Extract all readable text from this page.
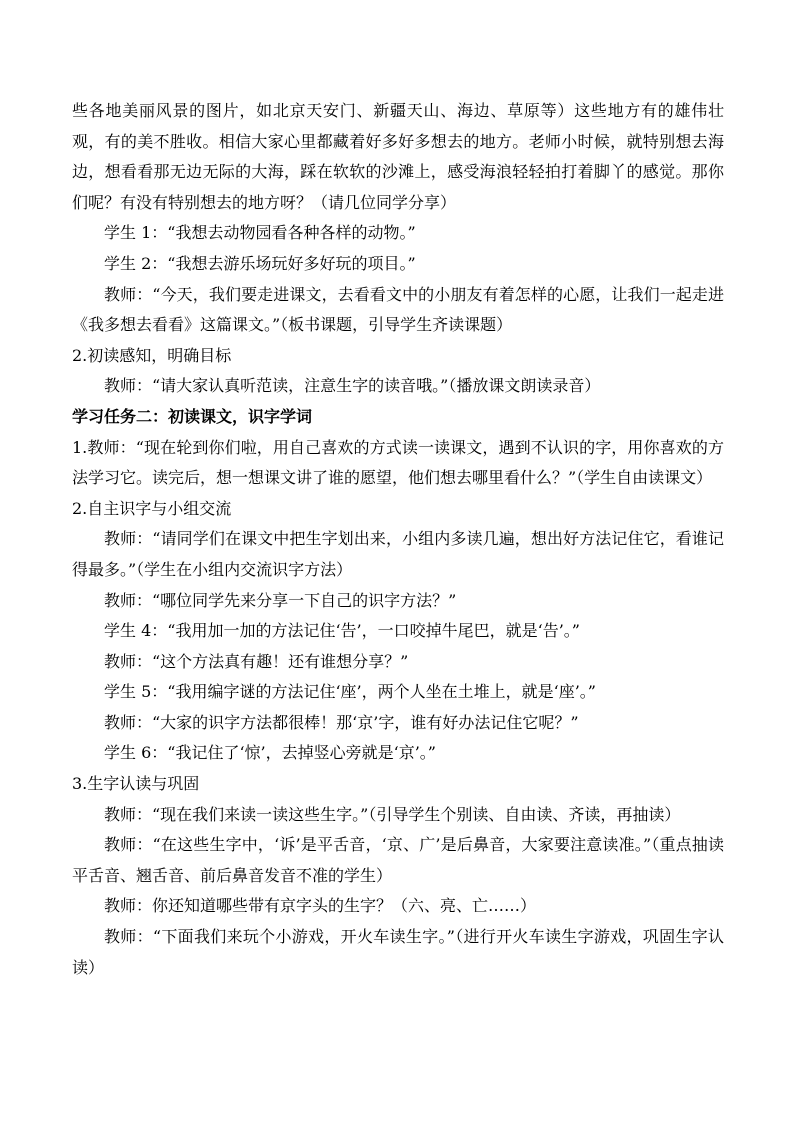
些各地美丽风景的图片，如北京天安门、新疆天山、海边、草原等）这些地方有的雄伟壮观，有的美不胜收。相信大家心里都藏着好多好多想去的地方。老师小时候，就特别想去海边，想看看那无边无际的大海，踩在软软的沙滩上，感受海浪轻轻拍打着脚丫的感觉。那你们呢？有没有特别想去的地方呀？（请几位同学分享）

学生 1：“我想去动物园看各种各样的动物。”

学生 2：“我想去游乐场玩好多好玩的项目。”

教师：“今天，我们要走进课文，去看看文中的小朋友有着怎样的心愿，让我们一起走进《我多想去看看》这篇课文。”（板书课题，引导学生齐读课题）

2.初读感知，明确目标

教师：“请大家认真听范读，注意生字的读音哦。”（播放课文朗读录音）

学习任务二：初读课文，识字学词

1.教师：“现在轮到你们啦，用自己喜欢的方式读一读课文，遇到不认识的字，用你喜欢的方法学习它。读完后，想一想课文讲了谁的愿望，他们想去哪里看什么？”（学生自由读课文）

2.自主识字与小组交流

教师：“请同学们在课文中把生字划出来，小组内多读几遍，想出好方法记住它，看谁记得最多。”（学生在小组内交流识字方法）

教师：“哪位同学先来分享一下自己的识字方法？”

学生 4：“我用加一加的方法记住‘告’，一口咬掉牛尾巴，就是‘告’。”

教师：“这个方法真有趣！还有谁想分享？”

学生 5：“我用编字谜的方法记住‘座’，两个人坐在土堆上，就是‘座’。”

教师：“大家的识字方法都很棒！那‘京’字，谁有好办法记住它呢？”

学生 6：“我记住了‘惊’，去掉竖心旁就是‘京’。”

3.生字认读与巩固

教师：“现在我们来读一读这些生字。”（引导学生个别读、自由读、齐读，再抽读）

教师：“在这些生字中，‘诉’是平舌音，‘京、广’是后鼻音，大家要注意读准。”（重点抽读平舌音、翘舌音、前后鼻音发音不准的学生）

教师：你还知道哪些带有京字头的生字？（六、亮、亡……）

教师：“下面我们来玩个小游戏，开火车读生字。”（进行开火车读生字游戏，巩固生字认读）
